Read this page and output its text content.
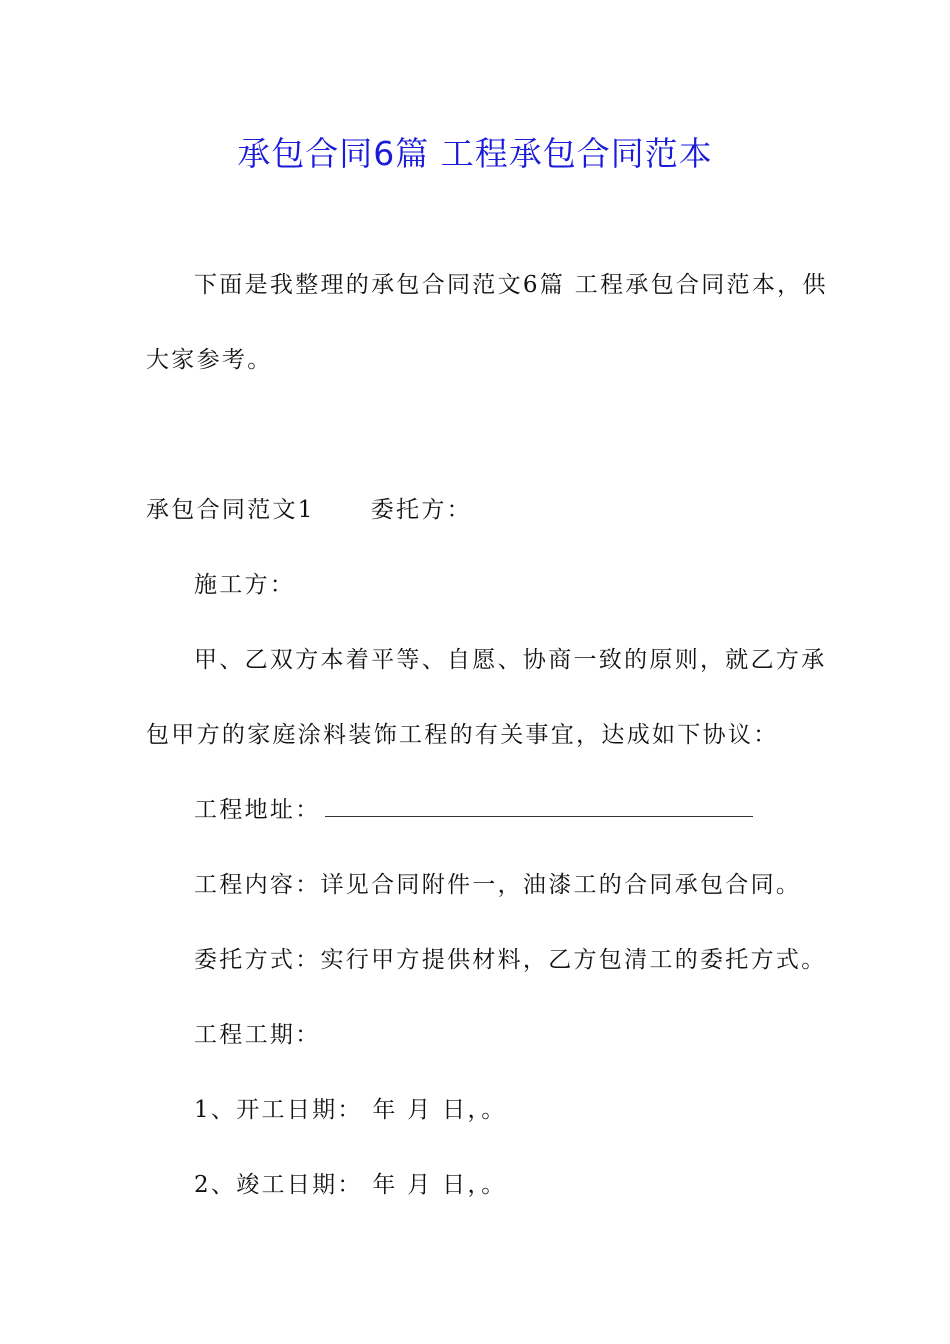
承包合同6篇 工程承包合同范本
下面是我整理的承包合同范文6篇 工程承包合同范本，供
大家参考。
承包合同范文1 委托方：
施工方：
甲、乙双方本着平等、自愿、协商一致的原则，就乙方承
包甲方的家庭涂料装饰工程的有关事宜，达成如下协议：
工程地址：
工程内容：详见合同附件一，油漆工的合同承包合同。
委托方式：实行甲方提供材料，乙方包清工的委托方式。
工程工期：
1、开工日期： 年 月 日，。
2、竣工日期： 年 月 日，。
